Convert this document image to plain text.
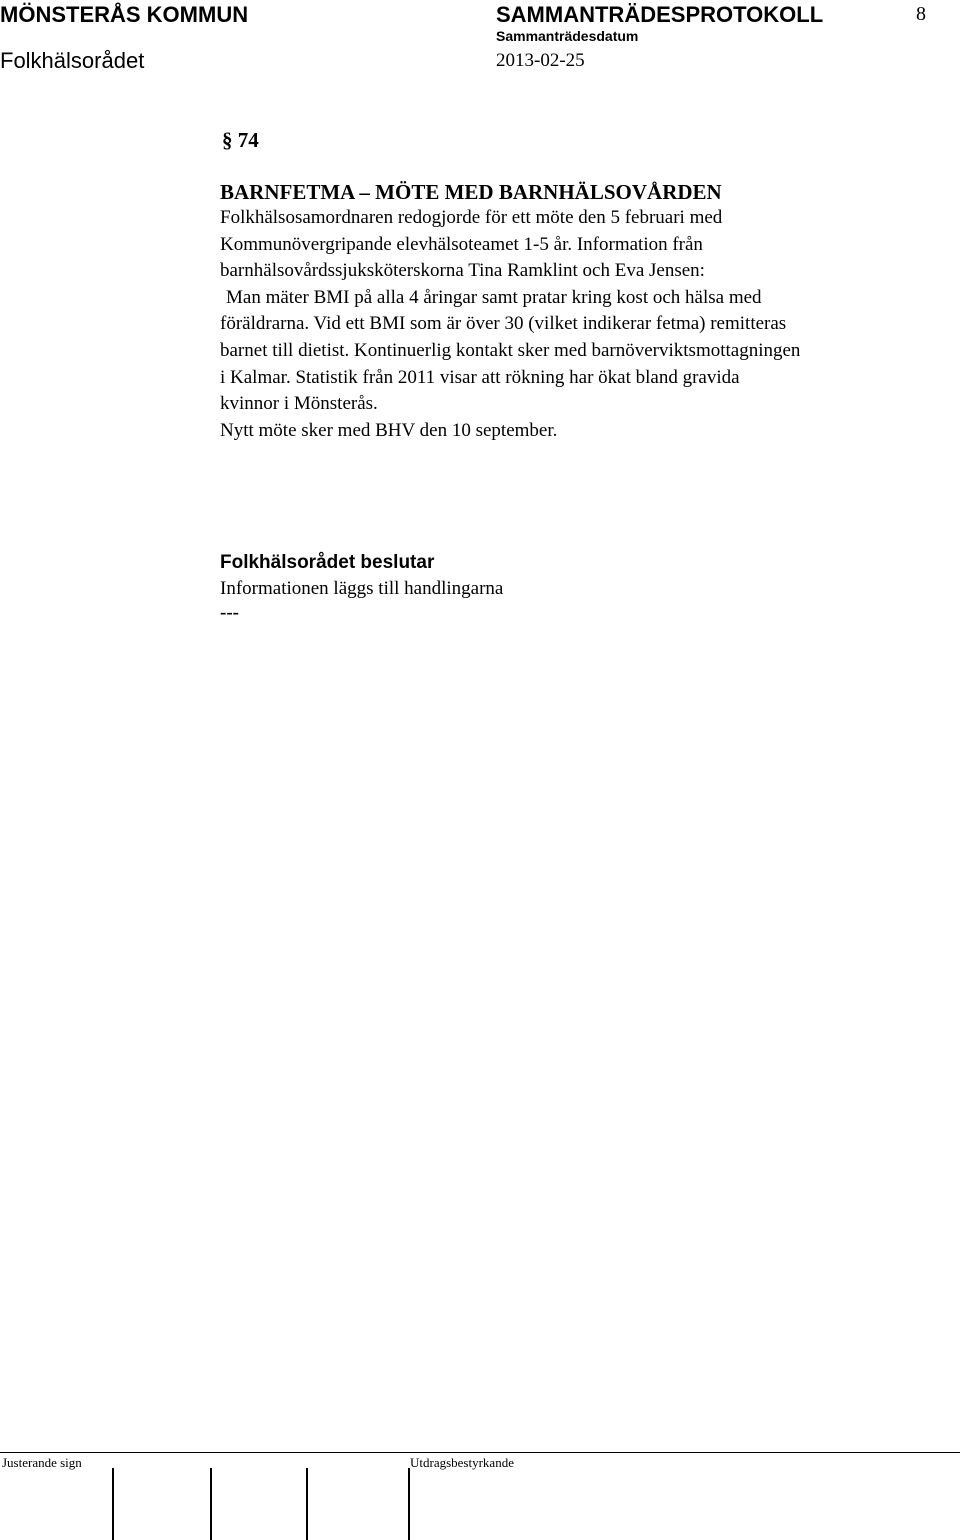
MÖNSTERÅS KOMMUN	SAMMANTRÄDESPROTOKOLL	8
Sammanträdesdatum
Folkhälsorådet	2013-02-25
§ 74
BARNFETMA – MÖTE MED BARNHÄLSOVÅRDEN
Folkhälsosamordnaren redogjorde för ett möte den 5 februari med
Kommunövergripande elevhälsoteamet 1-5 år. Information från
barnhälsovårdssjuksköterskorna Tina Ramklint och Eva Jensen:
Man mäter BMI på alla 4 åringar samt pratar kring kost och hälsa med
föräldrarna. Vid ett BMI som är över 30 (vilket indikerar fetma) remitteras
barnet till dietist. Kontinuerlig kontakt sker med barnöverviktsmottagningen
i Kalmar. Statistik från 2011 visar att rökning har ökat bland gravida
kvinnor i Mönsterås.
Nytt möte sker med BHV den 10 september.
Folkhälsorådet beslutar
Informationen läggs till handlingarna
---
Justerande sign	Utdragsbestyrkande
